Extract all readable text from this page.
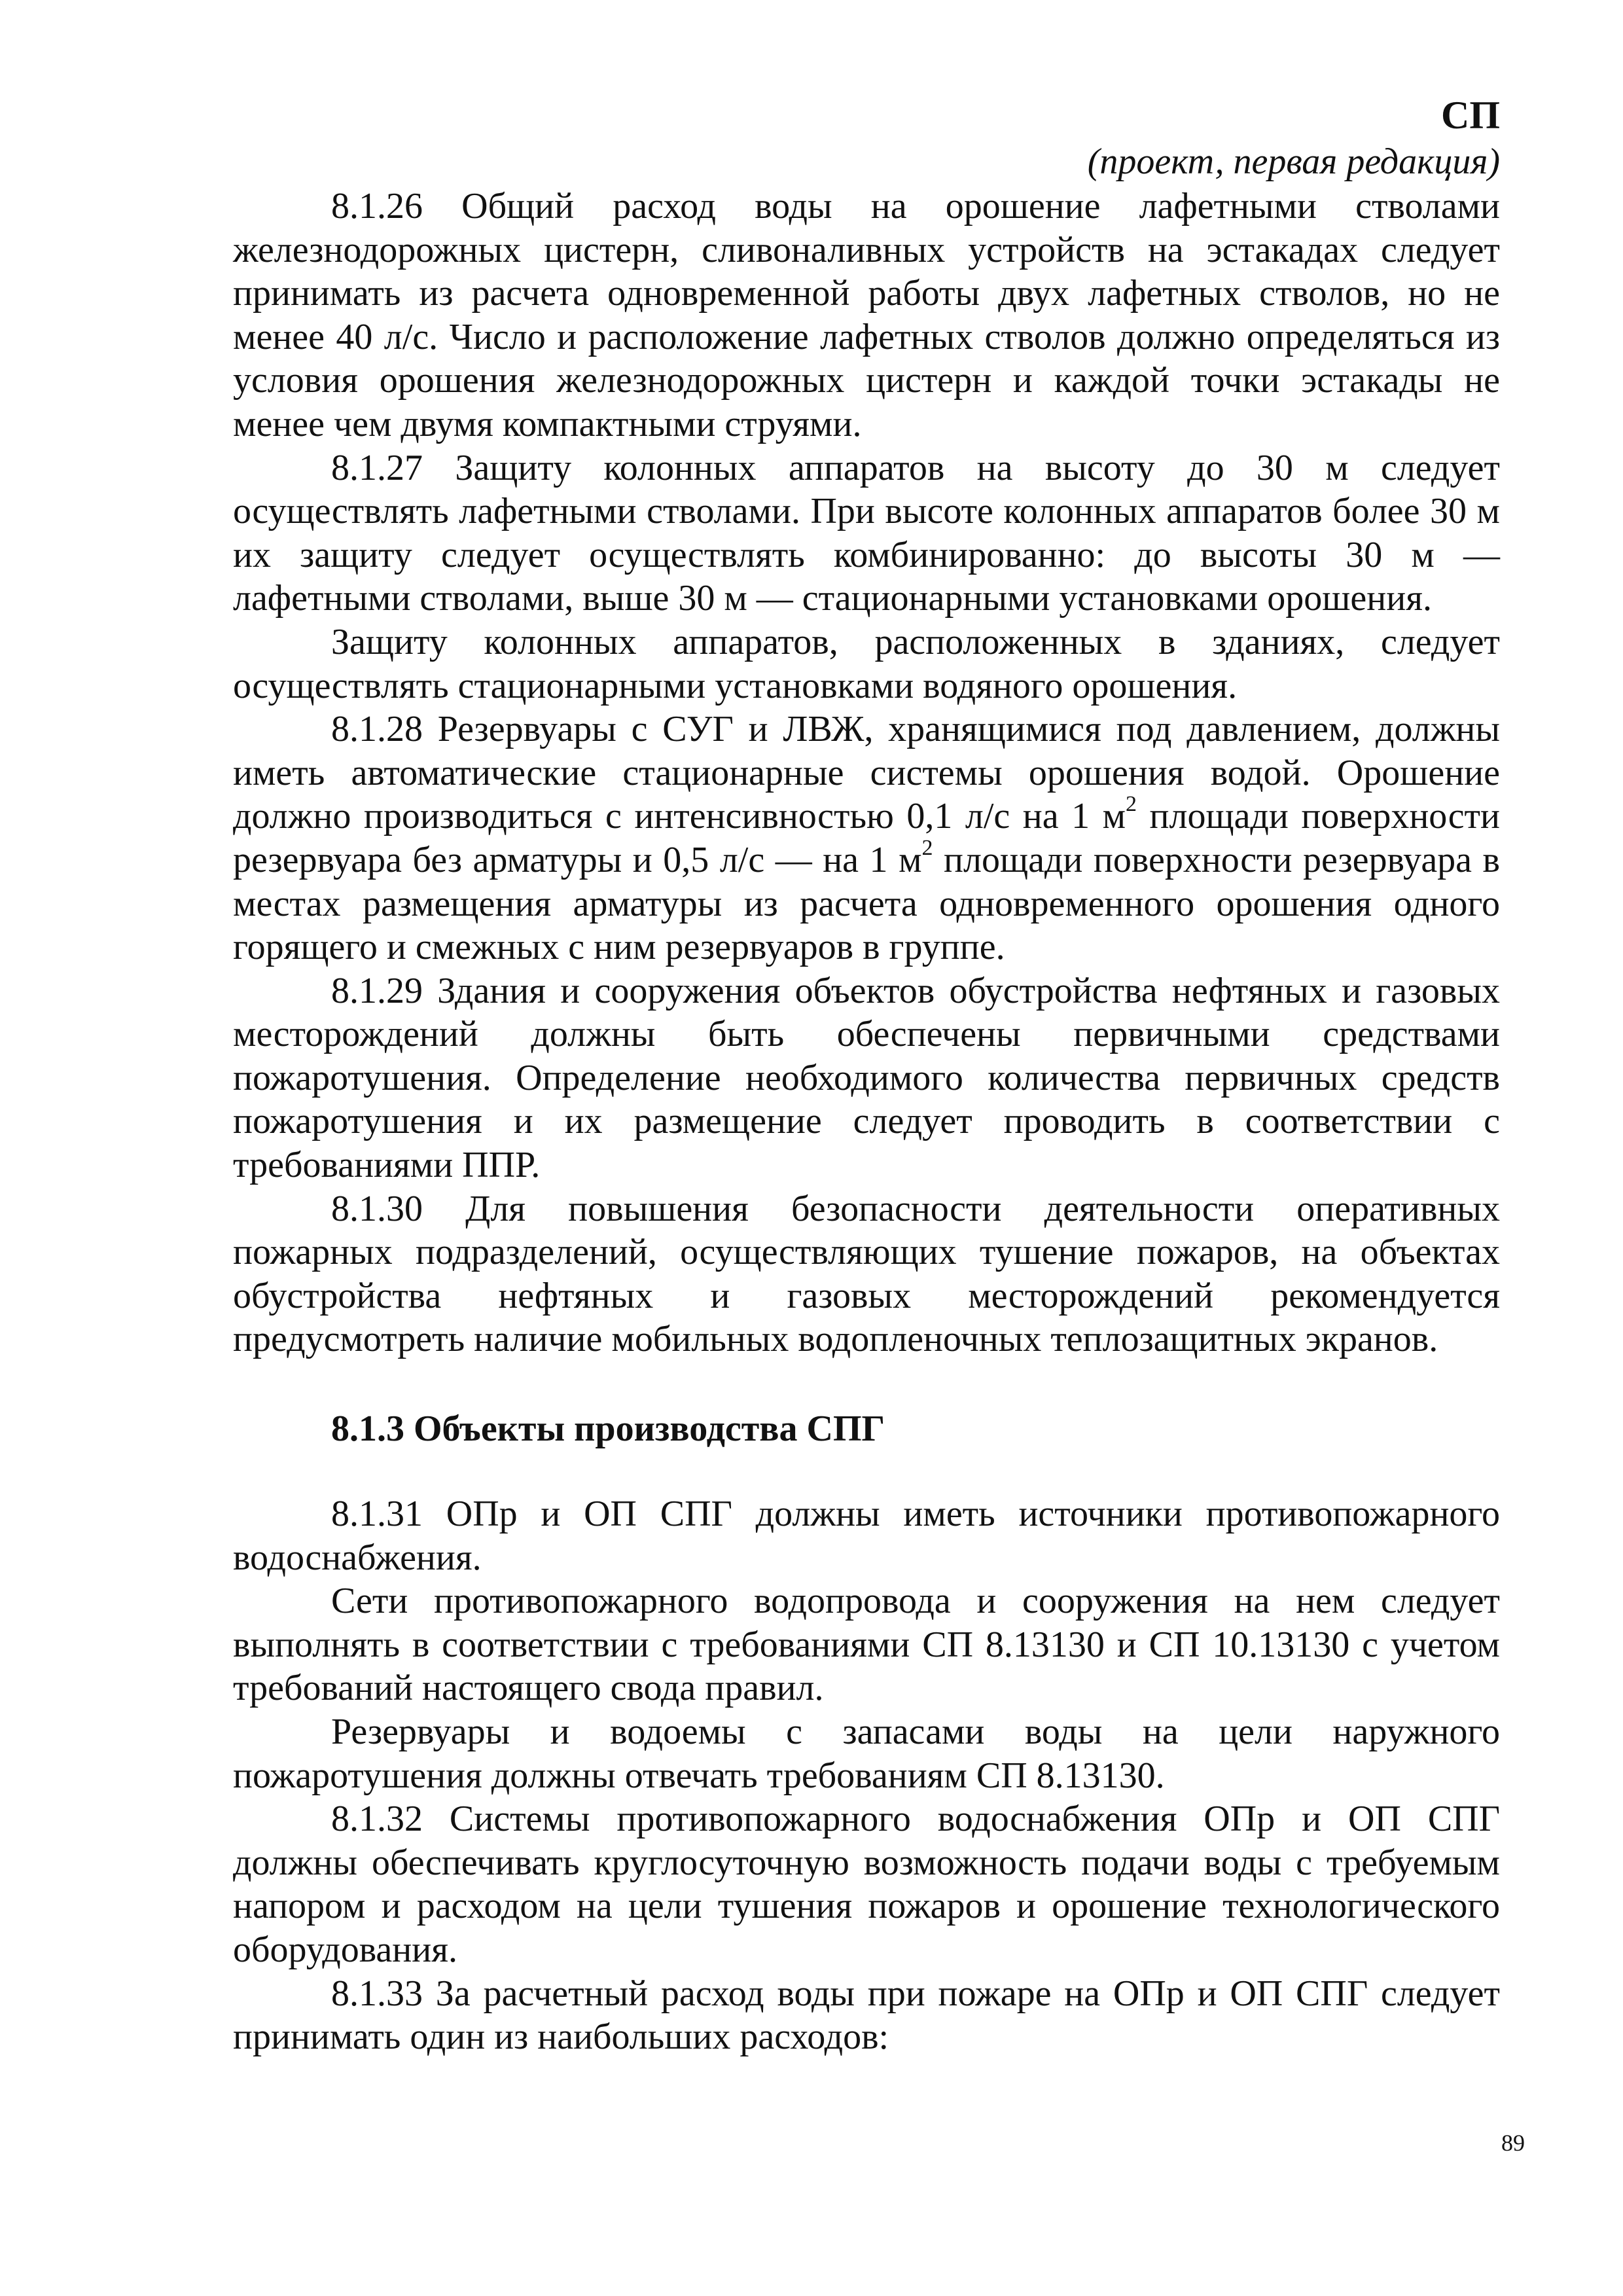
СП
(проект, первая редакция)

8.1.26 Общий расход воды на орошение лафетными стволами железнодорожных цистерн, сливоналивных устройств на эстакадах следует принимать из расчета одновременной работы двух лафетных стволов, но не менее 40 л/с. Число и расположение лафетных стволов должно определяться из условия орошения железнодорожных цистерн и каждой точки эстакады не менее чем двумя компактными струями.

8.1.27 Защиту колонных аппаратов на высоту до 30 м следует осуществлять лафетными стволами. При высоте колонных аппаратов более 30 м их защиту следует осуществлять комбинированно: до высоты 30 м — лафетными стволами, выше 30 м — стационарными установками орошения.

Защиту колонных аппаратов, расположенных в зданиях, следует осуществлять стационарными установками водяного орошения.

8.1.28 Резервуары с СУГ и ЛВЖ, хранящимися под давлением, должны иметь автоматические стационарные системы орошения водой. Орошение должно производиться с интенсивностью 0,1 л/с на 1 $м^2$ площади поверхности резервуара без арматуры и 0,5 л/с — на 1 $м^2$ площади поверхности резервуара в местах размещения арматуры из расчета одновременного орошения одного горящего и смежных с ним резервуаров в группе.

8.1.29 Здания и сооружения объектов обустройства нефтяных и газовых месторождений должны быть обеспечены первичными средствами пожаротушения. Определение необходимого количества первичных средств пожаротушения и их размещение следует проводить в соответствии с требованиями ППР.

8.1.30 Для повышения безопасности деятельности оперативных пожарных подразделений, осуществляющих тушение пожаров, на объектах обустройства нефтяных и газовых месторождений рекомендуется предусмотреть наличие мобильных водопленочных теплозащитных экранов.

8.1.3 Объекты производства СПГ

8.1.31 ОПр и ОП СПГ должны иметь источники противопожарного водоснабжения.

Сети противопожарного водопровода и сооружения на нем следует выполнять в соответствии с требованиями СП 8.13130 и СП 10.13130 с учетом требований настоящего свода правил.

Резервуары и водоемы с запасами воды на цели наружного пожаротушения должны отвечать требованиям СП 8.13130.

8.1.32 Системы противопожарного водоснабжения ОПр и ОП СПГ должны обеспечивать круглосуточную возможность подачи воды с требуемым напором и расходом на цели тушения пожаров и орошение технологического оборудования.

8.1.33 За расчетный расход воды при пожаре на ОПр и ОП СПГ следует принимать один из наибольших расходов:

89
